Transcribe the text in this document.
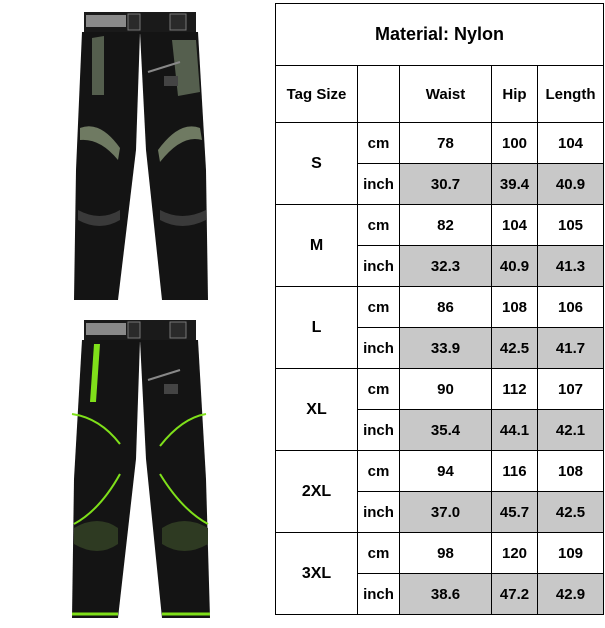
Material: Nylon				
Tag Size		Waist	Hip	Length
S	cm	78	100	104
	inch	30.7	39.4	40.9
M	cm	82	104	105
	inch	32.3	40.9	41.3
L	cm	86	108	106
	inch	33.9	42.5	41.7
XL	cm	90	112	107
	inch	35.4	44.1	42.1
2XL	cm	94	116	108
	inch	37.0	45.7	42.5
3XL	cm	98	120	109
	inch	38.6	47.2	42.9
